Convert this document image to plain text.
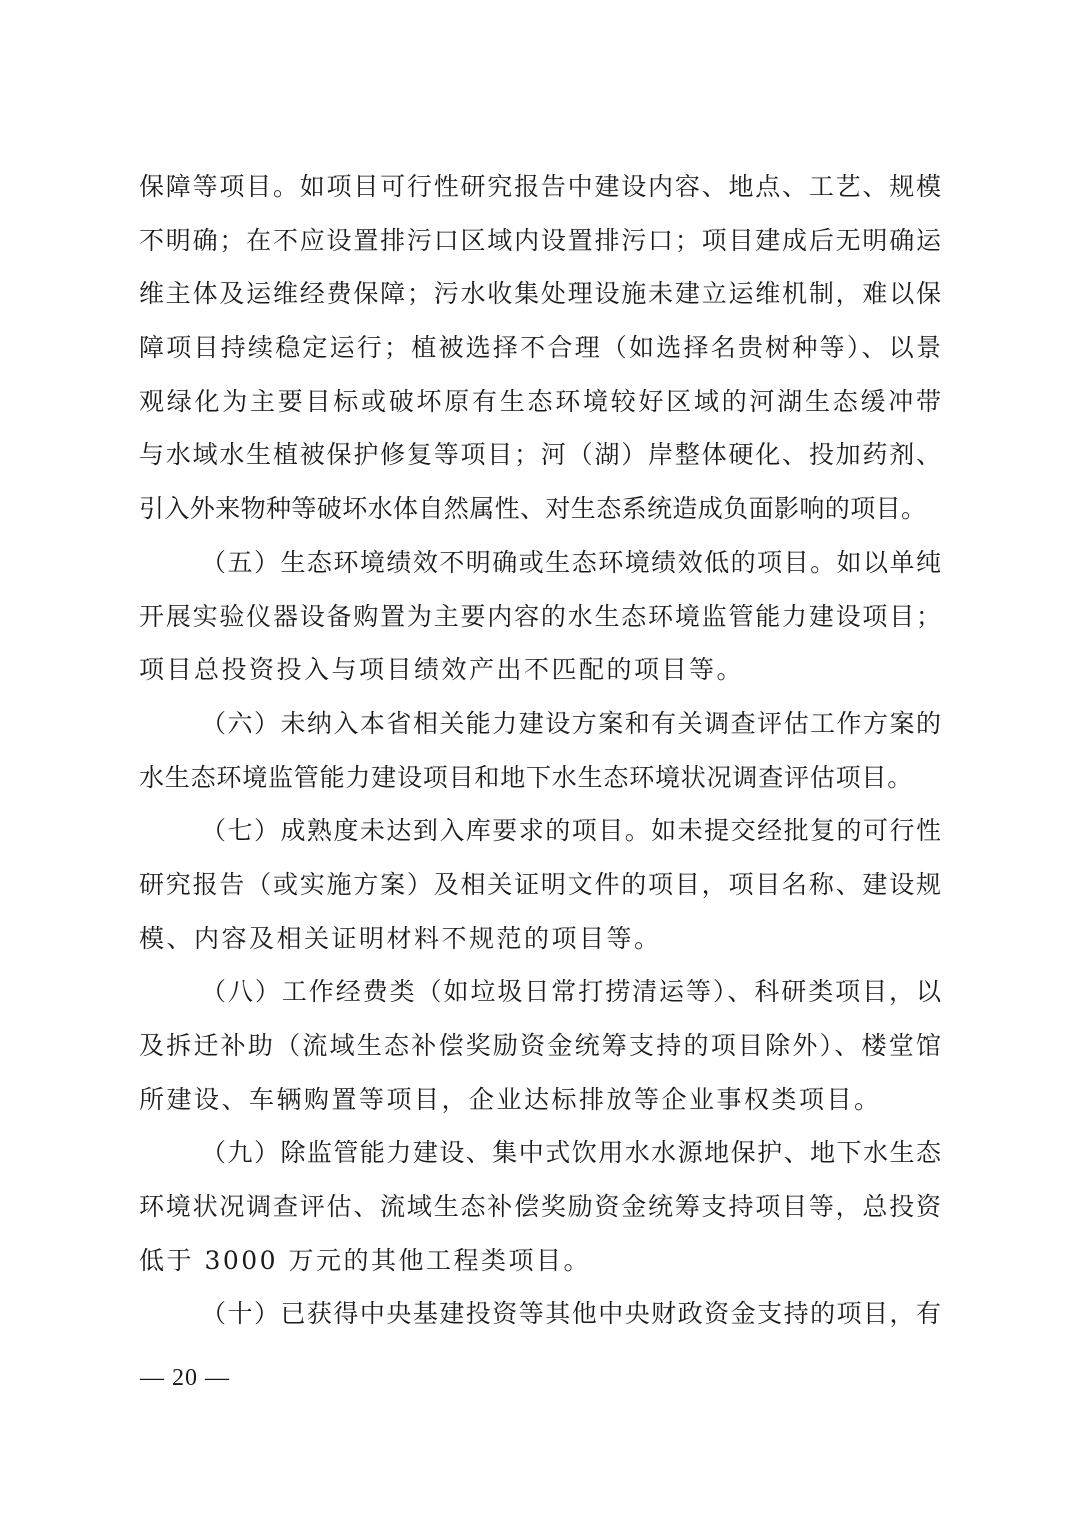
保障等项目。如项目可行性研究报告中建设内容、地点、工艺、规模
不明确；在不应设置排污口区域内设置排污口；项目建成后无明确运
维主体及运维经费保障；污水收集处理设施未建立运维机制，难以保
障项目持续稳定运行；植被选择不合理（如选择名贵树种等）、以景
观绿化为主要目标或破坏原有生态环境较好区域的河湖生态缓冲带
与水域水生植被保护修复等项目；河（湖）岸整体硬化、投加药剂、
引入外来物种等破坏水体自然属性、对生态系统造成负面影响的项目。
（五）生态环境绩效不明确或生态环境绩效低的项目。如以单纯
开展实验仪器设备购置为主要内容的水生态环境监管能力建设项目；
项目总投资投入与项目绩效产出不匹配的项目等。
（六）未纳入本省相关能力建设方案和有关调查评估工作方案的
水生态环境监管能力建设项目和地下水生态环境状况调查评估项目。
（七）成熟度未达到入库要求的项目。如未提交经批复的可行性
研究报告（或实施方案）及相关证明文件的项目，项目名称、建设规
模、内容及相关证明材料不规范的项目等。
（八）工作经费类（如垃圾日常打捞清运等）、科研类项目，以
及拆迁补助（流域生态补偿奖励资金统筹支持的项目除外）、楼堂馆
所建设、车辆购置等项目，企业达标排放等企业事权类项目。
（九）除监管能力建设、集中式饮用水水源地保护、地下水生态
环境状况调查评估、流域生态补偿奖励资金统筹支持项目等，总投资
低于 3000 万元的其他工程类项目。
（十）已获得中央基建投资等其他中央财政资金支持的项目，有
— 20 —
